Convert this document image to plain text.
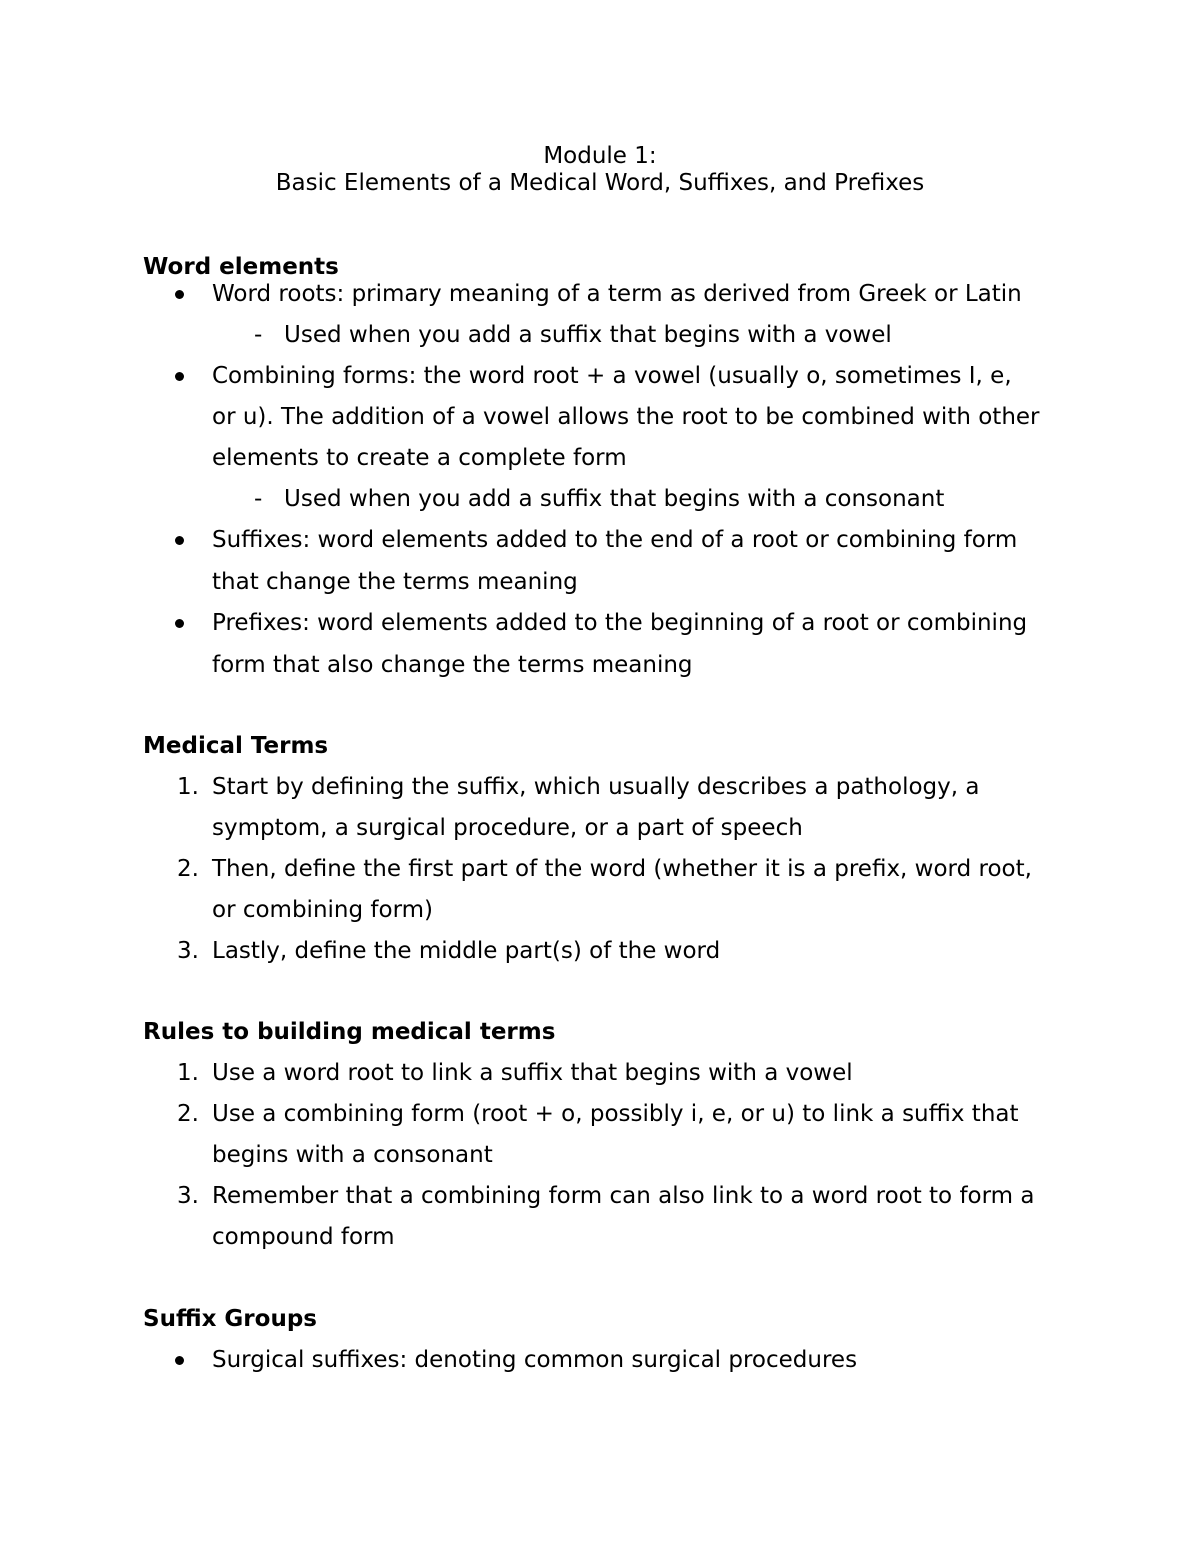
Module 1:
Basic Elements of a Medical Word, Suffixes, and Prefixes
Word elements
Word roots: primary meaning of a term as derived from Greek or Latin
- Used when you add a suffix that begins with a vowel
Combining forms: the word root + a vowel (usually o, sometimes I, e,
or u). The addition of a vowel allows the root to be combined with other
elements to create a complete form
- Used when you add a suffix that begins with a consonant
Suffixes: word elements added to the end of a root or combining form
that change the terms meaning
Prefixes: word elements added to the beginning of a root or combining
form that also change the terms meaning
Medical Terms
1. Start by defining the suffix, which usually describes a pathology, a
symptom, a surgical procedure, or a part of speech
2. Then, define the first part of the word (whether it is a prefix, word root,
or combining form)
3. Lastly, define the middle part(s) of the word
Rules to building medical terms
1. Use a word root to link a suffix that begins with a vowel
2. Use a combining form (root + o, possibly i, e, or u) to link a suffix that
begins with a consonant
3. Remember that a combining form can also link to a word root to form a
compound form
Suffix Groups
Surgical suffixes: denoting common surgical procedures
